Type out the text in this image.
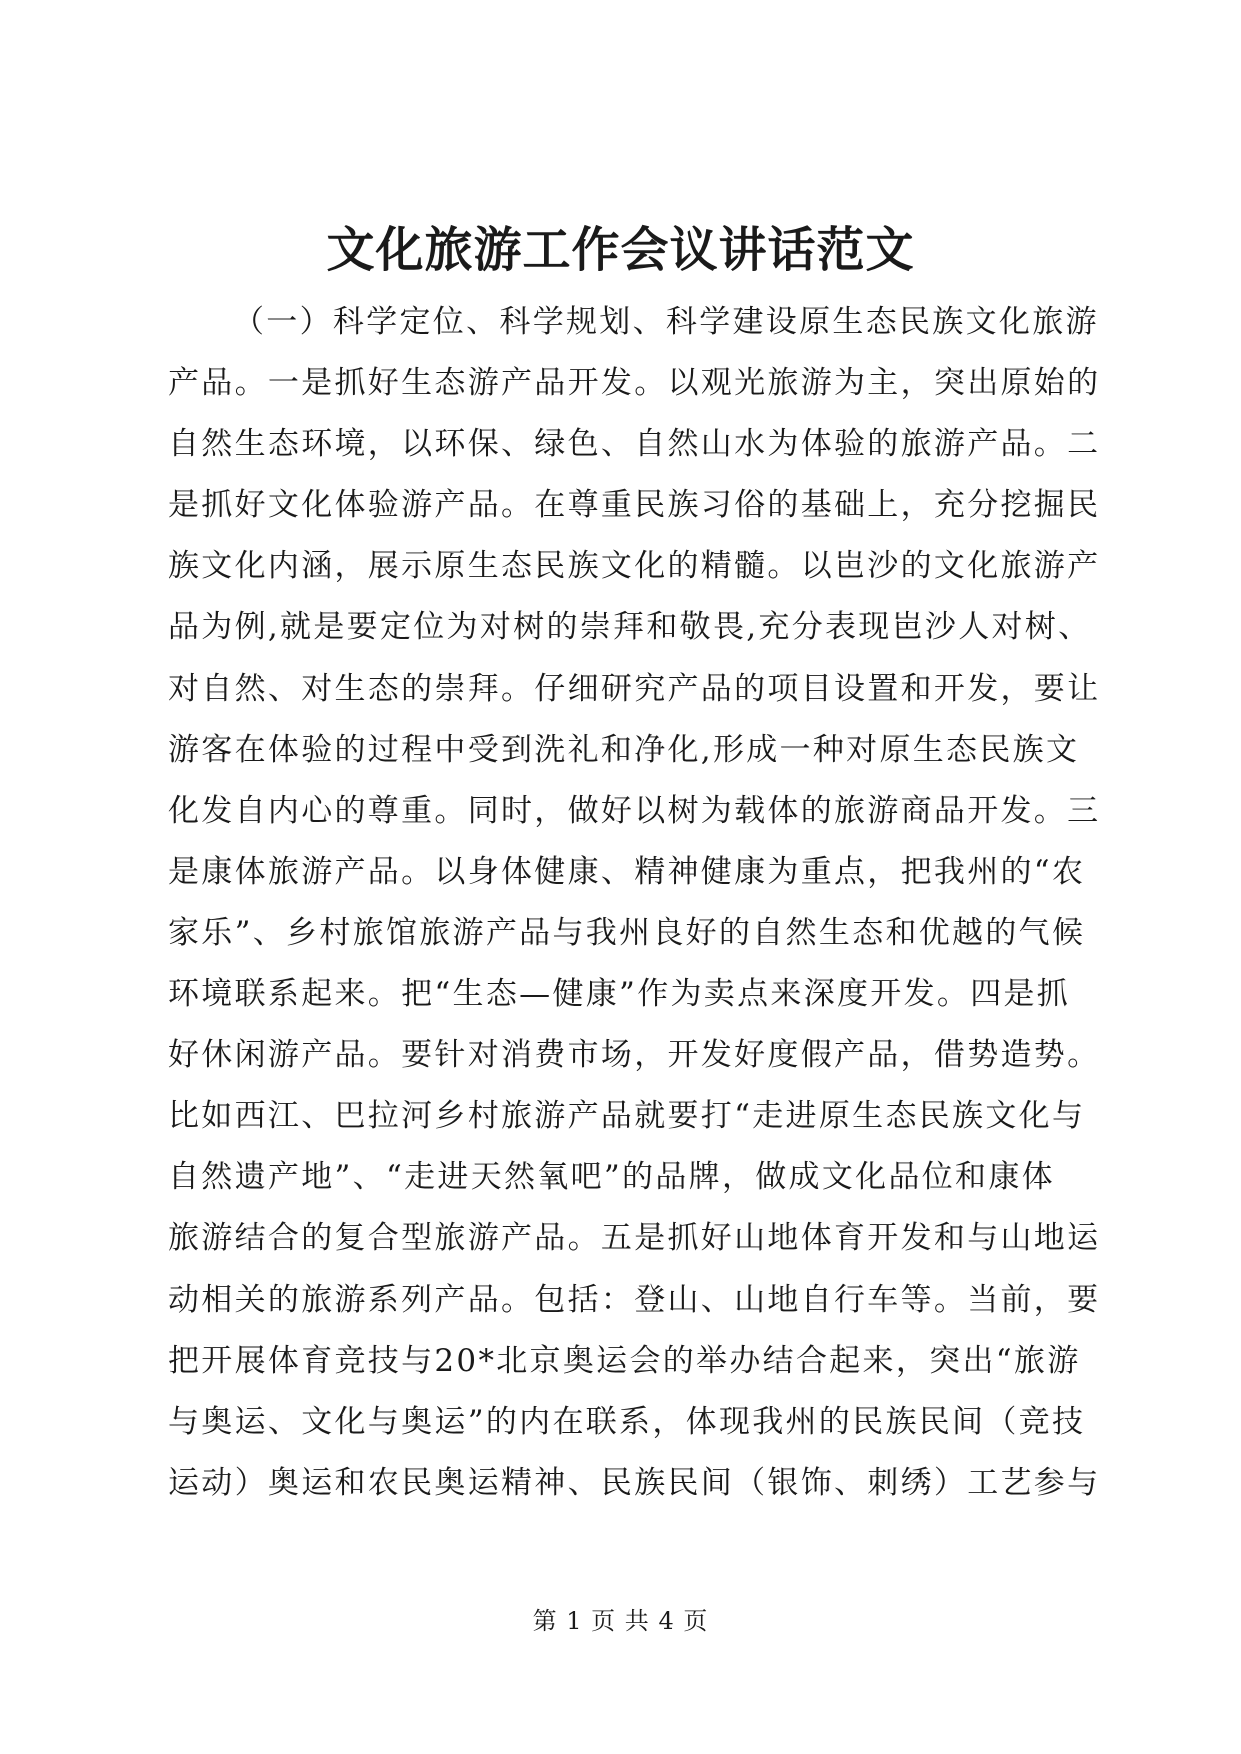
文化旅游工作会议讲话范文
（一）科学定位、科学规划、科学建设原生态民族文化旅游
产品。一是抓好生态游产品开发。以观光旅游为主，突出原始的
自然生态环境，以环保、绿色、自然山水为体验的旅游产品。二
是抓好文化体验游产品。在尊重民族习俗的基础上，充分挖掘民
族文化内涵，展示原生态民族文化的精髓。以岜沙的文化旅游产
品为例,就是要定位为对树的崇拜和敬畏,充分表现岜沙人对树、
对自然、对生态的崇拜。仔细研究产品的项目设置和开发，要让
游客在体验的过程中受到洗礼和净化,形成一种对原生态民族文
化发自内心的尊重。同时，做好以树为载体的旅游商品开发。三
是康体旅游产品。以身体健康、精神健康为重点，把我州的“农
家乐”、乡村旅馆旅游产品与我州良好的自然生态和优越的气候
环境联系起来。把“生态—健康”作为卖点来深度开发。四是抓
好休闲游产品。要针对消费市场，开发好度假产品，借势造势。
比如西江、巴拉河乡村旅游产品就要打“走进原生态民族文化与
自然遗产地”、“走进天然氧吧”的品牌，做成文化品位和康体
旅游结合的复合型旅游产品。五是抓好山地体育开发和与山地运
动相关的旅游系列产品。包括：登山、山地自行车等。当前，要
把开展体育竞技与20*北京奥运会的举办结合起来，突出“旅游
与奥运、文化与奥运”的内在联系，体现我州的民族民间（竞技
运动）奥运和农民奥运精神、民族民间（银饰、刺绣）工艺参与
第 1 页 共 4 页
